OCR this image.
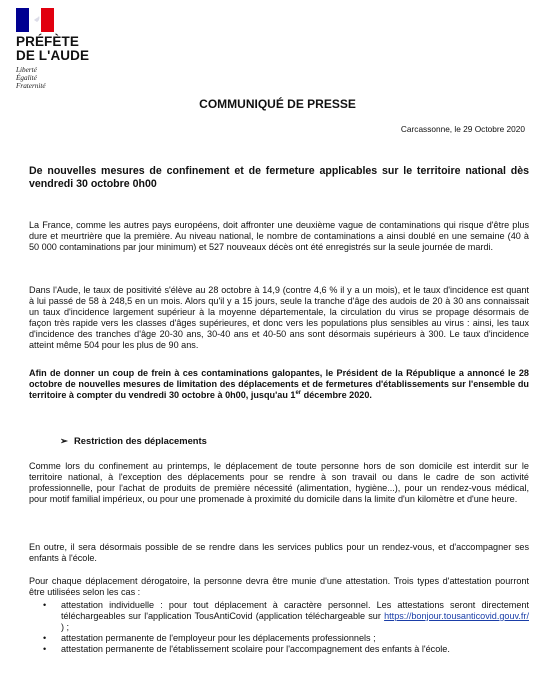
PRÉFÈTE
DE L'AUDE
Liberté
Égalité
Fraternité
COMMUNIQUÉ DE PRESSE
Carcassonne, le 29 Octobre 2020
De nouvelles mesures de confinement et de fermeture applicables sur le territoire national dès vendredi 30 octobre 0h00
La France, comme les autres pays européens, doit affronter une deuxième vague de contaminations qui risque d'être plus dure et meurtrière que la première. Au niveau national, le nombre de contaminations a ainsi doublé en une semaine (40 à 50 000 contaminations par jour minimum) et 527 nouveaux décès ont été enregistrés sur la seule journée de mardi.
Dans l'Aude, le taux de positivité s'élève au 28 octobre à 14,9 (contre 4,6 % il y a un mois), et le taux d'incidence est quant à lui passé de 58 à 248,5 en un mois. Alors qu'il y a 15 jours, seule la tranche d'âge des audois de 20 à 30 ans connaissait un taux d'incidence largement supérieur à la moyenne départementale, la circulation du virus se propage désormais de façon très rapide vers les classes d'âges supérieures, et donc vers les populations plus sensibles au virus : ainsi, les taux d'incidence des tranches d'âge 20-30 ans, 30-40 ans et 40-50 ans sont désormais supérieurs à 300. Le taux d'incidence atteint même 504 pour les plus de 90 ans.
Afin de donner un coup de frein à ces contaminations galopantes, le Président de la République a annoncé le 28 octobre de nouvelles mesures de limitation des déplacements et de fermetures d'établissements sur l'ensemble du territoire à compter du vendredi 30 octobre à 0h00, jusqu'au 1er décembre 2020.
➢ Restriction des déplacements
Comme lors du confinement au printemps, le déplacement de toute personne hors de son domicile est interdit sur le territoire national, à l'exception des déplacements pour se rendre à son travail ou dans le cadre de son activité professionnelle, pour l'achat de produits de première nécessité (alimentation, hygiène...), pour un rendez-vous médical, pour motif familial impérieux, ou pour une promenade à proximité du domicile dans la limite d'un kilomètre et d'une heure.
En outre, il sera désormais possible de se rendre dans les services publics pour un rendez-vous, et d'accompagner ses enfants à l'école.
Pour chaque déplacement dérogatoire, la personne devra être munie d'une attestation. Trois types d'attestation pourront être utilisées selon les cas :
• attestation individuelle : pour tout déplacement à caractère personnel. Les attestations seront directement téléchargeables sur l'application TousAntiCovid (application téléchargeable sur https://bonjour.tousanticovid.gouv.fr/ ) ;
• attestation permanente de l'employeur pour les déplacements professionnels ;
• attestation permanente de l'établissement scolaire pour l'accompagnement des enfants à l'école.
